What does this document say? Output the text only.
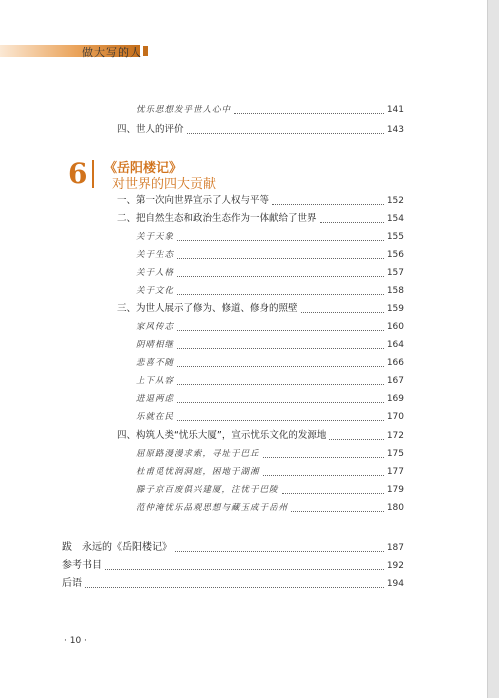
做大写的人
忧乐思想发乎世人心中	141
四、世人的评价	143
6 《岳阳楼记》
对世界的四大贡献
一、第一次向世界宣示了人权与平等	152
二、把自然生态和政治生态作为一体献给了世界	154
关于天象	155
关于生态	156
关于人格	157
关于文化	158
三、为世人展示了修为、修道、修身的照壁	159
家风传志	160
阴晴相继	164
悲喜不随	166
上下从容	167
进退两虑	169
乐就在民	170
四、构筑人类“忧乐大厦”，宣示忧乐文化的发源地	172
屈原路漫漫求索，寻址于巴丘	175
杜甫觅忧润洞庭，困地于湖湘	177
滕子京百废俱兴建厦，注忧于巴陵	179
范仲淹忧乐品观思想与藏玉成于岳州	180
跋　永远的《岳阳楼记》	187
参考书目	192
后语	194
· 10 ·
